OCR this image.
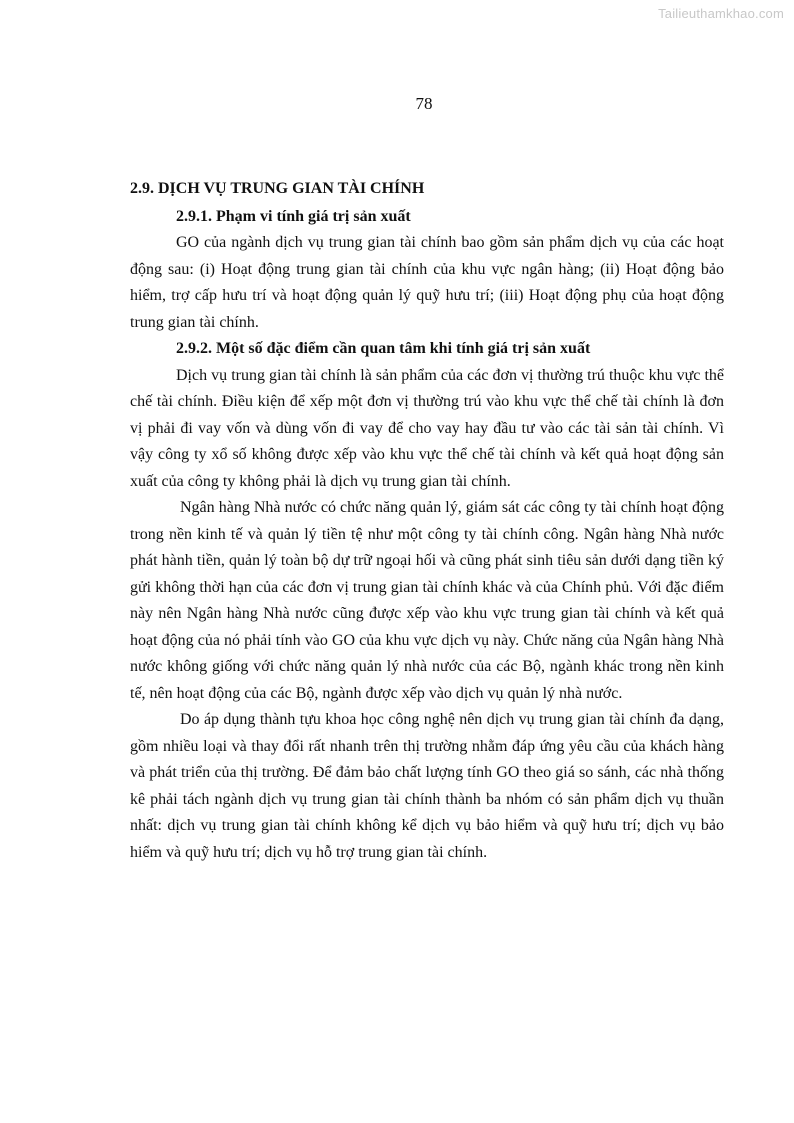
Tailieuthamkhao.com
78

2.9. DỊCH VỤ TRUNG GIAN TÀI CHÍNH

2.9.1. Phạm vi tính giá trị sản xuất

GO của ngành dịch vụ trung gian tài chính bao gồm sản phẩm dịch vụ của các hoạt động sau: (i) Hoạt động trung gian tài chính của khu vực ngân hàng; (ii) Hoạt động bảo hiểm, trợ cấp hưu trí và hoạt động quản lý quỹ hưu trí; (iii) Hoạt động phụ của hoạt động trung gian tài chính.

2.9.2. Một số đặc điểm cần quan tâm khi tính giá trị sản xuất

Dịch vụ trung gian tài chính là sản phẩm của các đơn vị thường trú thuộc khu vực thể chế tài chính. Điều kiện để xếp một đơn vị thường trú vào khu vực thể chế tài chính là đơn vị phải đi vay vốn và dùng vốn đi vay để cho vay hay đầu tư vào các tài sản tài chính. Vì vậy công ty xổ số không được xếp vào khu vực thể chế tài chính và kết quả hoạt động sản xuất của công ty không phải là dịch vụ trung gian tài chính.

Ngân hàng Nhà nước có chức năng quản lý, giám sát các công ty tài chính hoạt động trong nền kinh tế và quản lý tiền tệ như một công ty tài chính công. Ngân hàng Nhà nước phát hành tiền, quản lý toàn bộ dự trữ ngoại hối và cũng phát sinh tiêu sản dưới dạng tiền ký gửi không thời hạn của các đơn vị trung gian tài chính khác và của Chính phủ. Với đặc điểm này nên Ngân hàng Nhà nước cũng được xếp vào khu vực trung gian tài chính và kết quả hoạt động của nó phải tính vào GO của khu vực dịch vụ này. Chức năng của Ngân hàng Nhà nước không giống với chức năng quản lý nhà nước của các Bộ, ngành khác trong nền kinh tế, nên hoạt động của các Bộ, ngành được xếp vào dịch vụ quản lý nhà nước.

Do áp dụng thành tựu khoa học công nghệ nên dịch vụ trung gian tài chính đa dạng, gồm nhiều loại và thay đổi rất nhanh trên thị trường nhằm đáp ứng yêu cầu của khách hàng và phát triển của thị trường. Để đảm bảo chất lượng tính GO theo giá so sánh, các nhà thống kê phải tách ngành dịch vụ trung gian tài chính thành ba nhóm có sản phẩm dịch vụ thuần nhất: dịch vụ trung gian tài chính không kể dịch vụ bảo hiểm và quỹ hưu trí; dịch vụ bảo hiểm và quỹ hưu trí; dịch vụ hỗ trợ trung gian tài chính.
